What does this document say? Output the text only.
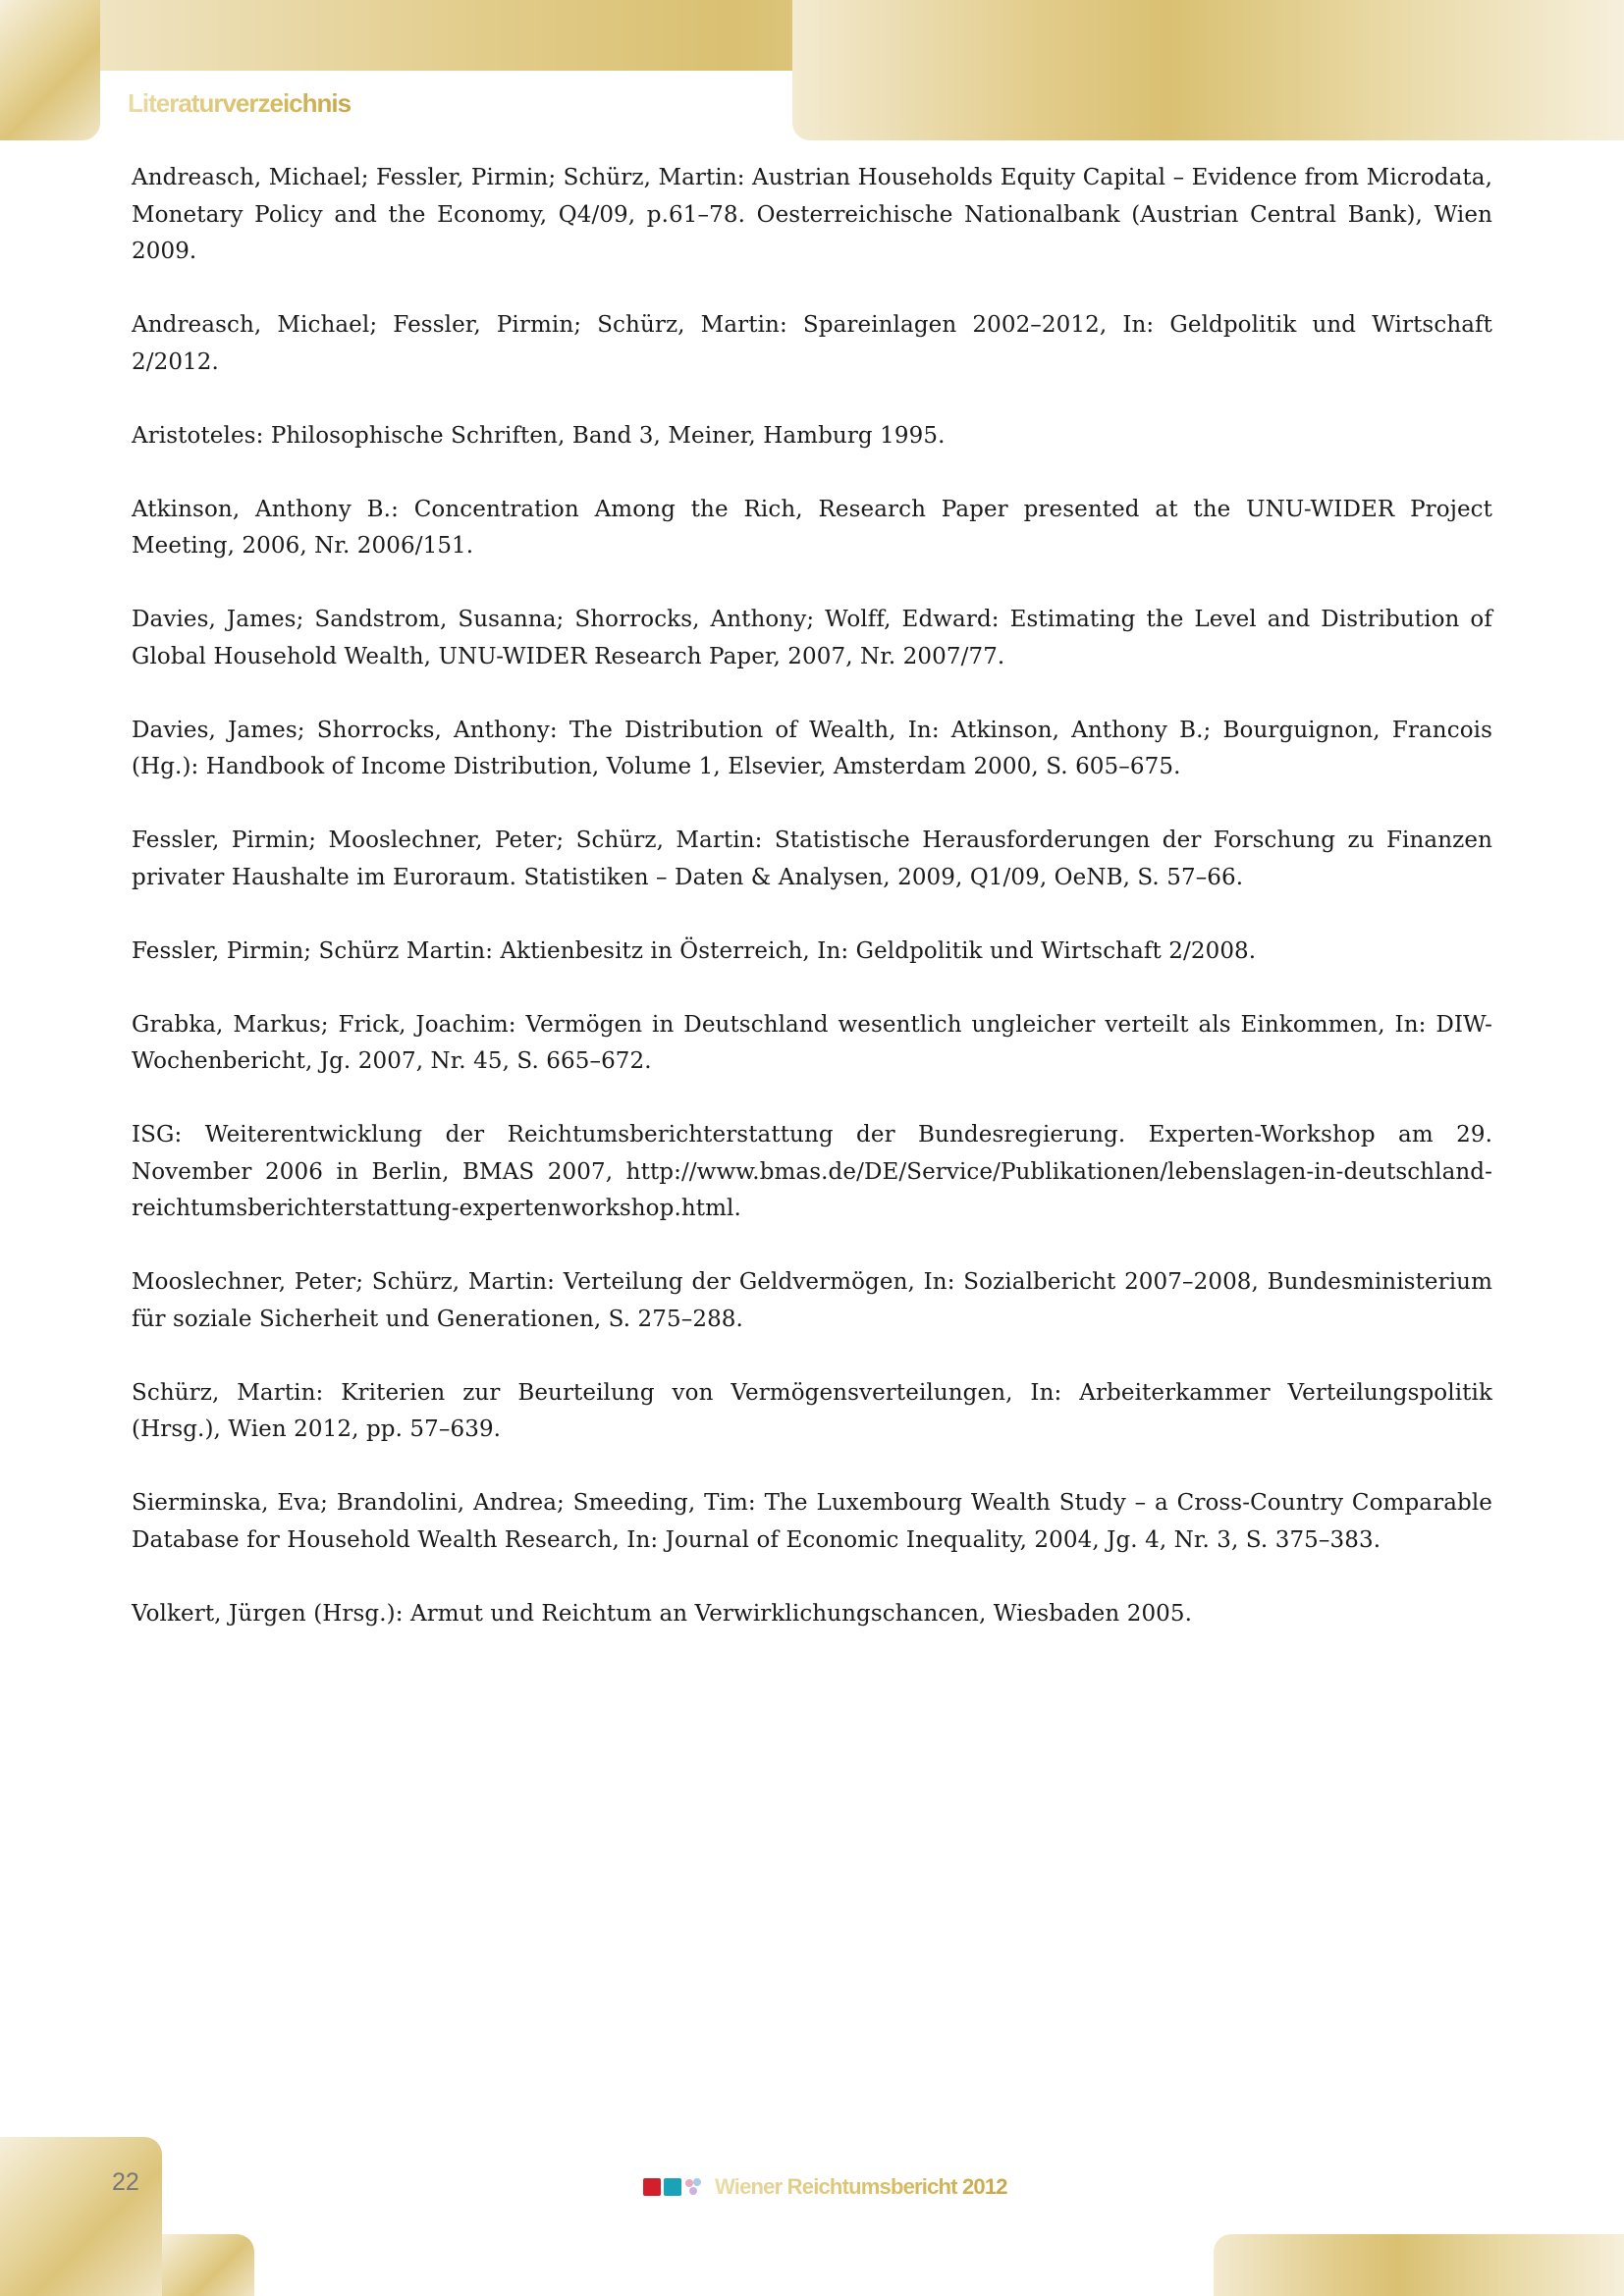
Literaturverzeichnis
Andreasch, Michael; Fessler, Pirmin; Schürz, Martin: Austrian Households Equity Capital – Evidence from Microdata, Monetary Policy and the Economy, Q4/09, p.61–78. Oesterreichische Nationalbank (Austrian Central Bank), Wien 2009.
Andreasch, Michael; Fessler, Pirmin; Schürz, Martin: Spareinlagen 2002–2012, In: Geldpolitik und Wirtschaft 2/2012.
Aristoteles: Philosophische Schriften, Band 3, Meiner, Hamburg 1995.
Atkinson, Anthony B.: Concentration Among the Rich, Research Paper presented at the UNU-WIDER Project Meeting, 2006, Nr. 2006/151.
Davies, James; Sandstrom, Susanna; Shorrocks, Anthony; Wolff, Edward: Estimating the Level and Distribution of Global Household Wealth, UNU-WIDER Research Paper, 2007, Nr. 2007/77.
Davies, James; Shorrocks, Anthony: The Distribution of Wealth, In: Atkinson, Anthony B.; Bourguignon, Francois (Hg.): Handbook of Income Distribution, Volume 1, Elsevier, Amsterdam 2000, S. 605–675.
Fessler, Pirmin; Mooslechner, Peter; Schürz, Martin: Statistische Herausforderungen der Forschung zu Finanzen privater Haushalte im Euroraum. Statistiken – Daten & Analysen, 2009, Q1/09, OeNB, S. 57–66.
Fessler, Pirmin; Schürz Martin: Aktienbesitz in Österreich, In: Geldpolitik und Wirtschaft 2/2008.
Grabka, Markus; Frick, Joachim: Vermögen in Deutschland wesentlich ungleicher verteilt als Einkommen, In: DIW-Wochenbericht, Jg. 2007, Nr. 45, S. 665–672.
ISG: Weiterentwicklung der Reichtumsberichterstattung der Bundesregierung. Experten-Workshop am 29. November 2006 in Berlin, BMAS 2007, http://www.bmas.de/DE/Service/Publikationen/lebenslagen-in-deutschland-reichtumsberichterstattung-expertenworkshop.html.
Mooslechner, Peter; Schürz, Martin: Verteilung der Geldvermögen, In: Sozialbericht 2007–2008, Bundesministerium für soziale Sicherheit und Generationen, S. 275–288.
Schürz, Martin: Kriterien zur Beurteilung von Vermögensverteilungen, In: Arbeiterkammer Verteilungspolitik (Hrsg.), Wien 2012, pp. 57–639.
Sierminska, Eva; Brandolini, Andrea; Smeeding, Tim: The Luxembourg Wealth Study – a Cross-Country Comparable Database for Household Wealth Research, In: Journal of Economic Inequality, 2004, Jg. 4, Nr. 3, S. 375–383.
Volkert, Jürgen (Hrsg.): Armut und Reichtum an Verwirklichungschancen, Wiesbaden 2005.
22	Wiener Reichtumsbericht 2012
